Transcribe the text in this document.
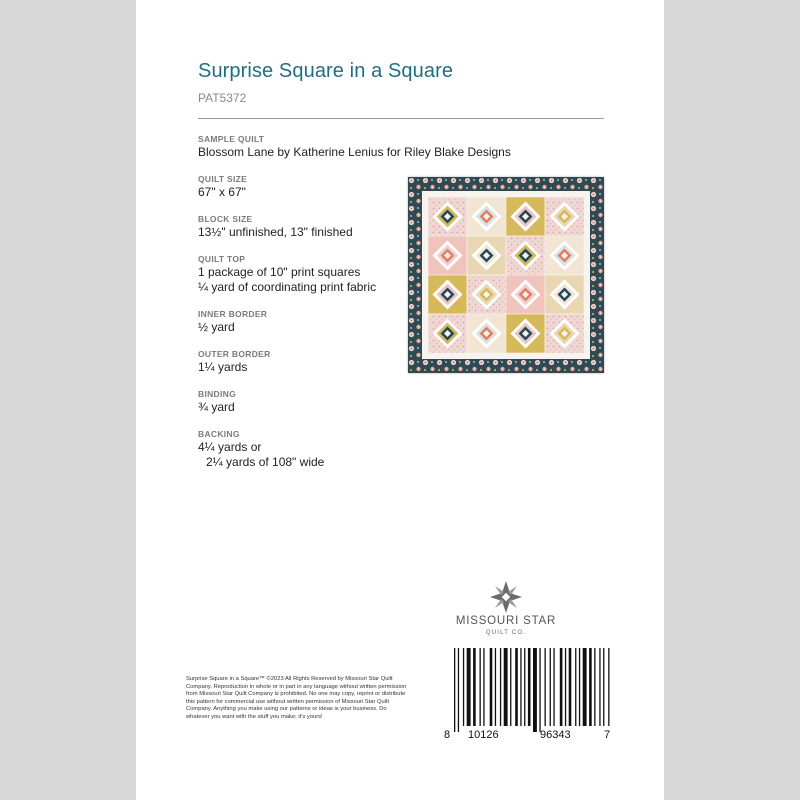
Surprise Square in a Square
PAT5372
SAMPLE QUILT
Blossom Lane by Katherine Lenius for Riley Blake Designs
QUILT SIZE
67" x 67"
BLOCK SIZE
13½" unfinished, 13" finished
QUILT TOP
1 package of 10" print squares
¼ yard of coordinating print fabric
INNER BORDER
½ yard
OUTER BORDER
1¼ yards
BINDING
¾ yard
BACKING
4¼ yards or
2¼ yards of 108" wide
MISSOURI STAR
QUILT CO.
Surprise Square in a Square™ ©2023 All Rights Reserved by Missouri Star Quilt Company. Reproduction in whole or in part in any language without written permission from Missouri Star Quilt Company is prohibited. No one may copy, reprint or distribute this pattern for commercial use without written permission of Missouri Star Quilt Company. Anything you make using our patterns or ideas is your business. Do whatever you want with the stuff you make; it's yours!
8 10126	96343	7
